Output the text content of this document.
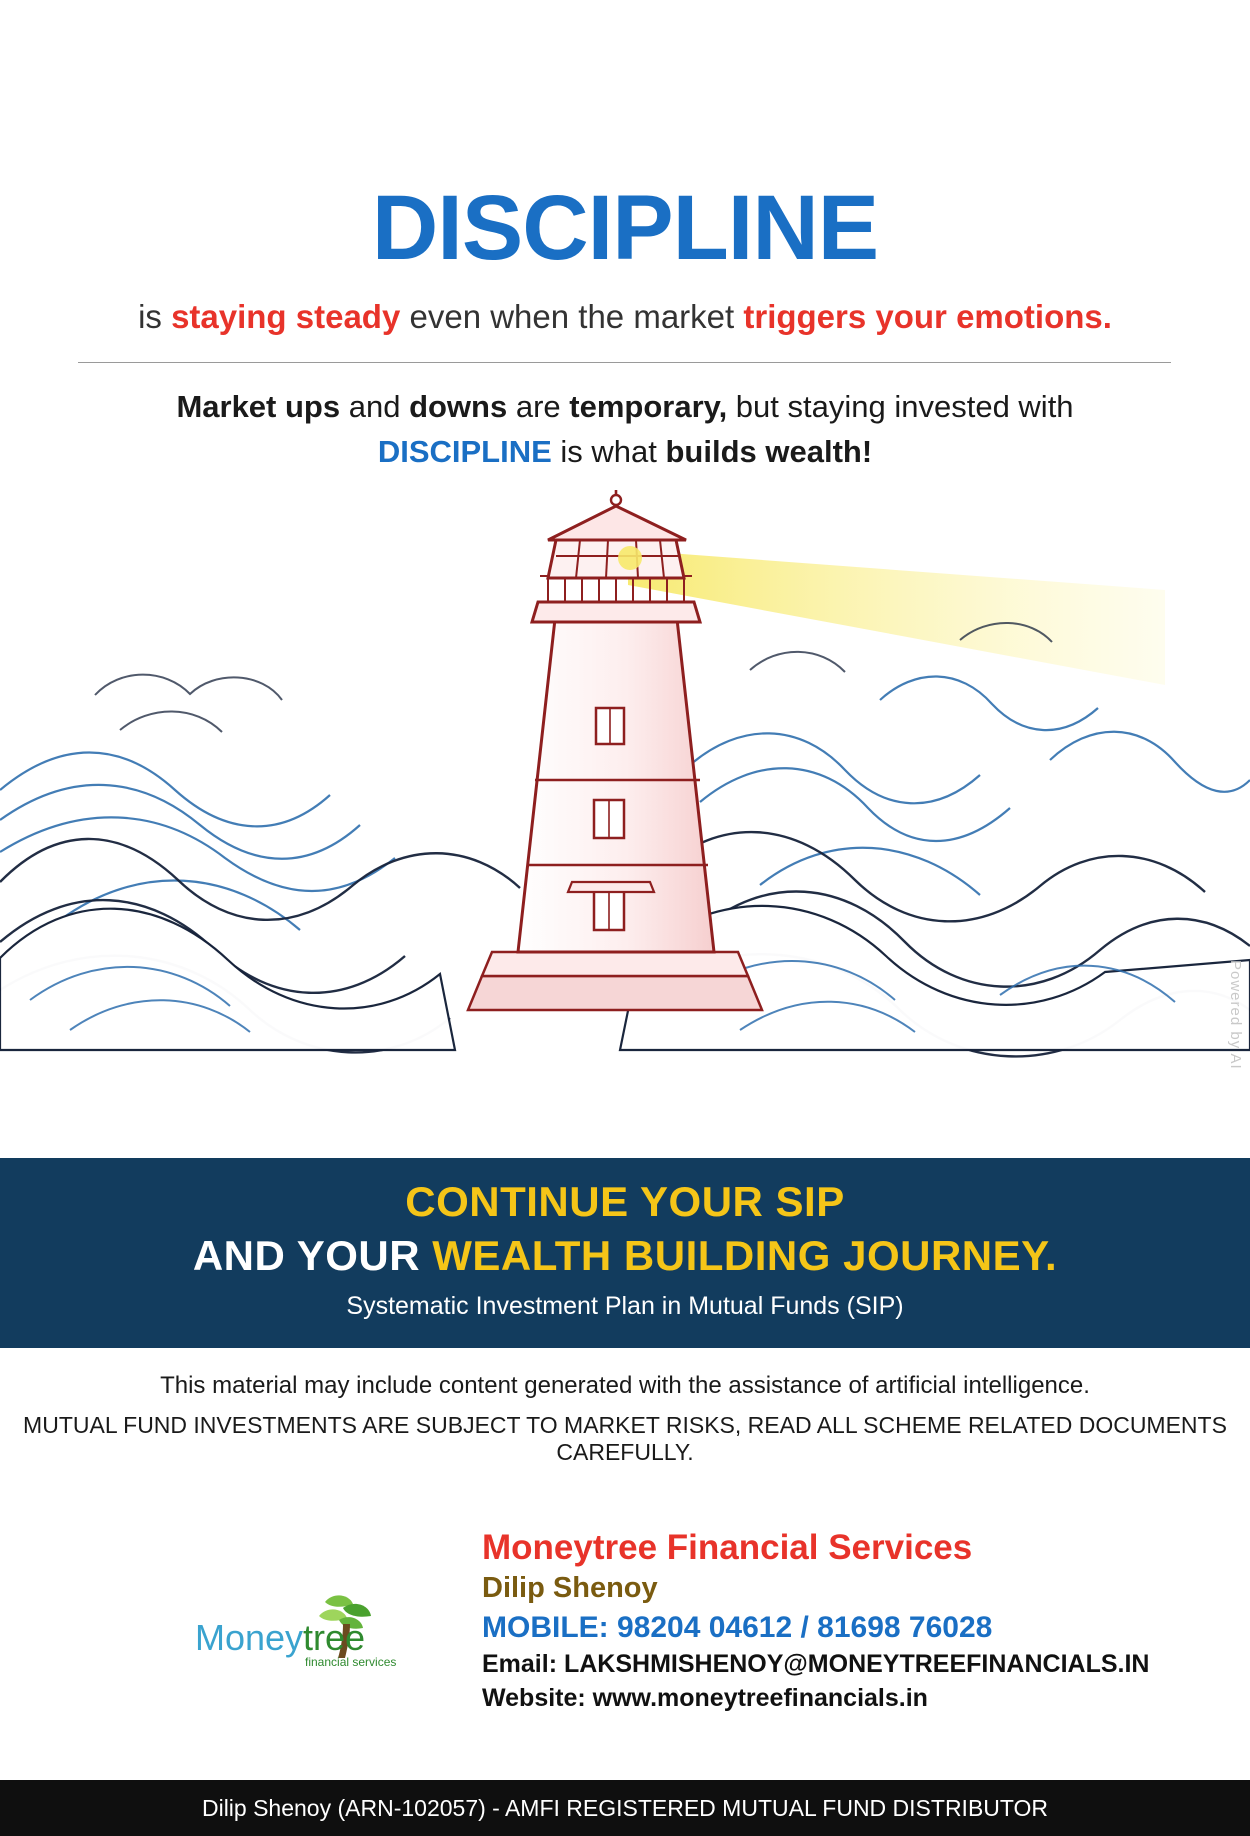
DISCIPLINE
is staying steady even when the market triggers your emotions.
Market ups and downs are temporary, but staying invested with
DISCIPLINE is what builds wealth!
Powered by AI
CONTINUE YOUR SIP
AND YOUR WEALTH BUILDING JOURNEY.
Systematic Investment Plan in Mutual Funds (SIP)
This material may include content generated with the assistance of artificial intelligence.
MUTUAL FUND INVESTMENTS ARE SUBJECT TO MARKET RISKS, READ ALL SCHEME RELATED DOCUMENTS CAREFULLY.
Money tree
financial services
Moneytree Financial Services
Dilip Shenoy
MOBILE: 98204 04612 / 81698 76028
Email: LAKSHMISHENOY@MONEYTREEFINANCIALS.IN
Website: www.moneytreefinancials.in
Dilip Shenoy (ARN-102057) - AMFI REGISTERED MUTUAL FUND DISTRIBUTOR
